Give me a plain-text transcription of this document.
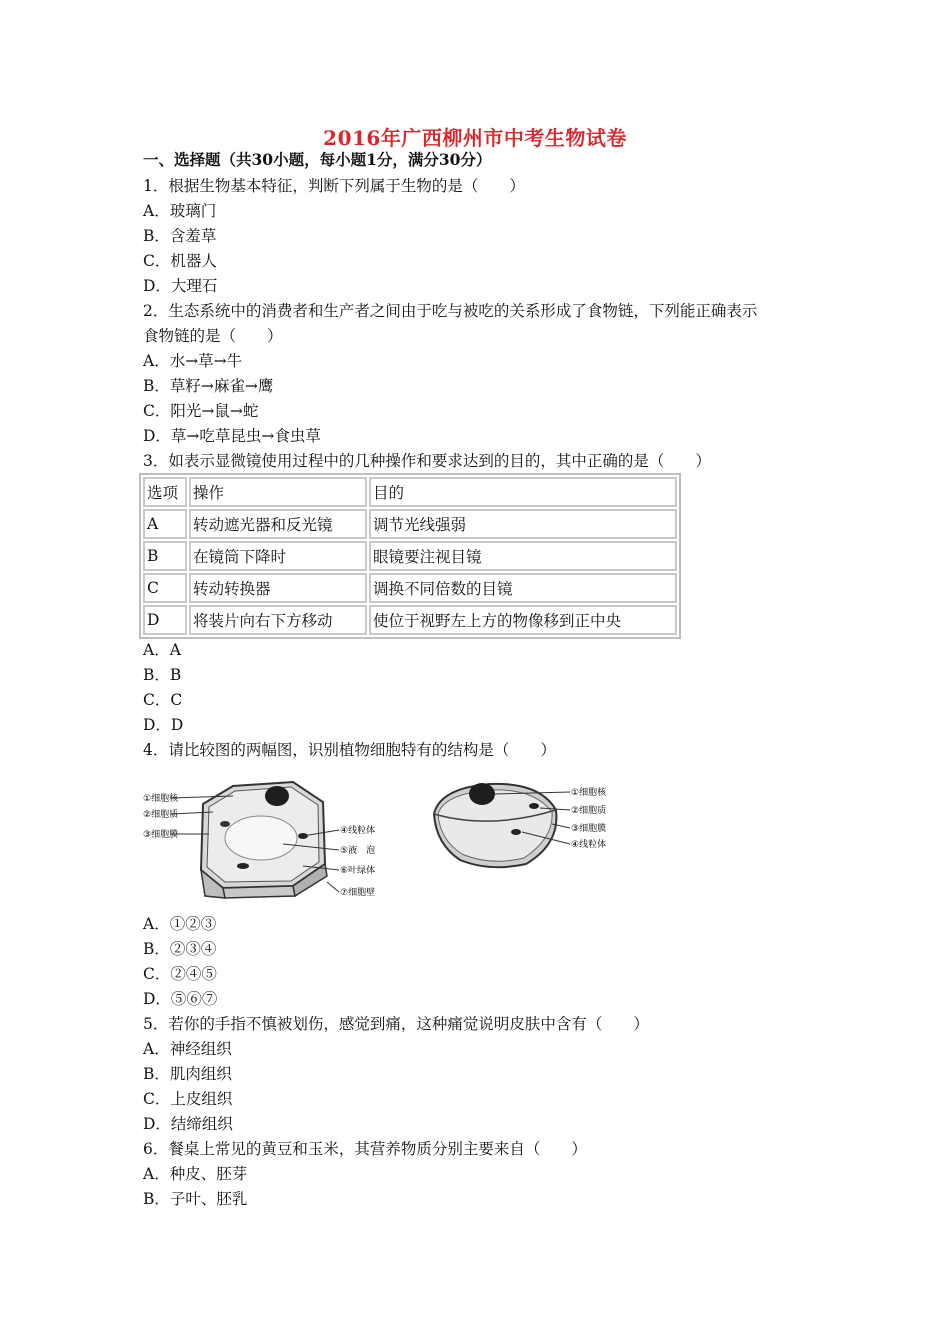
2016年广西柳州市中考生物试卷
一、选择题（共30小题，每小题1分，满分30分）
1．根据生物基本特征，判断下列属于生物的是（　　）
A．玻璃门
B．含羞草
C．机器人
D．大理石
2．生态系统中的消费者和生产者之间由于吃与被吃的关系形成了食物链，下列能正确表示
食物链的是（　　）
A．水→草→牛
B．草籽→麻雀→鹰
C．阳光→鼠→蛇
D．草→吃草昆虫→食虫草
3．如表示显微镜使用过程中的几种操作和要求达到的目的，其中正确的是（　　）
选项	操作	目的
A	转动遮光器和反光镜	调节光线强弱
B	在镜筒下降时	眼镜要注视目镜
C	转动转换器	调换不同倍数的目镜
D	将装片向右下方移动	使位于视野左上方的物像移到正中央
A．A
B．B
C．C
D．D
4．请比较图的两幅图，识别植物细胞特有的结构是（　　）
①细胞核
②细胞质
③细胞膜	④线粒体
⑤液　泡
⑥叶绿体
⑦细胞壁
①细胞核
②细胞质
③细胞膜
④线粒体
A．①②③
B．②③④
C．②④⑤
D．⑤⑥⑦
5．若你的手指不慎被划伤，感觉到痛，这种痛觉说明皮肤中含有（　　）
A．神经组织
B．肌肉组织
C．上皮组织
D．结缔组织
6．餐桌上常见的黄豆和玉米，其营养物质分别主要来自（　　）
A．种皮、胚芽
B．子叶、胚乳
